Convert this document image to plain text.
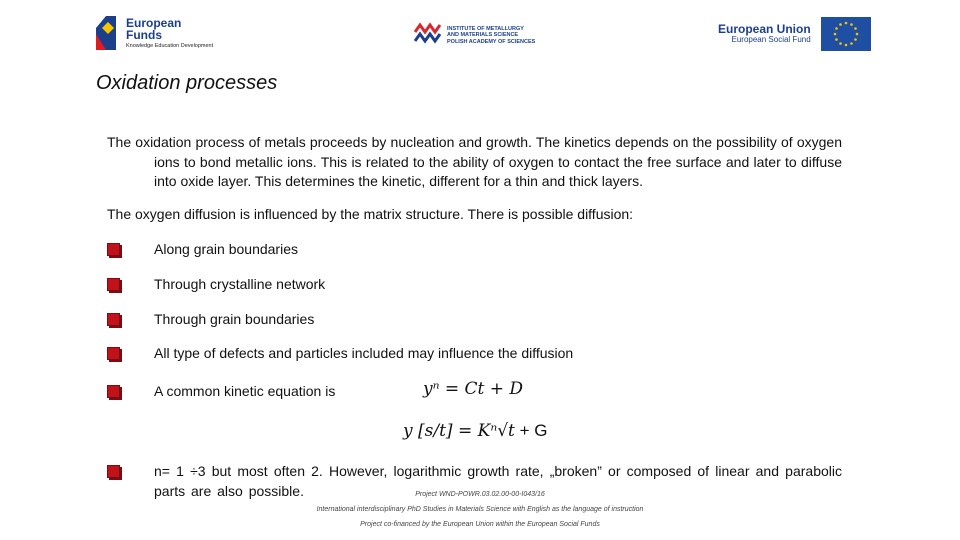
European
Funds
Knowledge Education Development
INSTITUTE OF METALLURGY
AND MATERIALS SCIENCE
POLISH ACADEMY OF SCIENCES
European Union
European Social Fund
Oxidation processes

The oxidation process of metals proceeds by nucleation and growth. The kinetics depends on the possibility of oxygen ions to bond metallic ions. This is related to the ability of oxygen to contact the free surface and later to diffuse into oxide layer. This determines the kinetic, different for a thin and thick layers.

The oxygen diffusion is influenced by the matrix structure. There is possible diffusion:
Along grain boundaries
Through crystalline network
Through grain boundaries
All type of defects and particles included may influence the diffusion
A common kinetic equation is	yⁿ = Ct + D
y [s/t] = Kⁿ√t + G
n= 1 ÷3 but most often 2. However, logarithmic growth rate, „broken” or composed of linear and parabolic parts are also possible.	Project WND-POWR.03.02.00-00-I043/16
International interdisciplinary PhD Studies in Materials Science with English as the language of instruction
Project co-financed by the European Union within the European Social Funds
